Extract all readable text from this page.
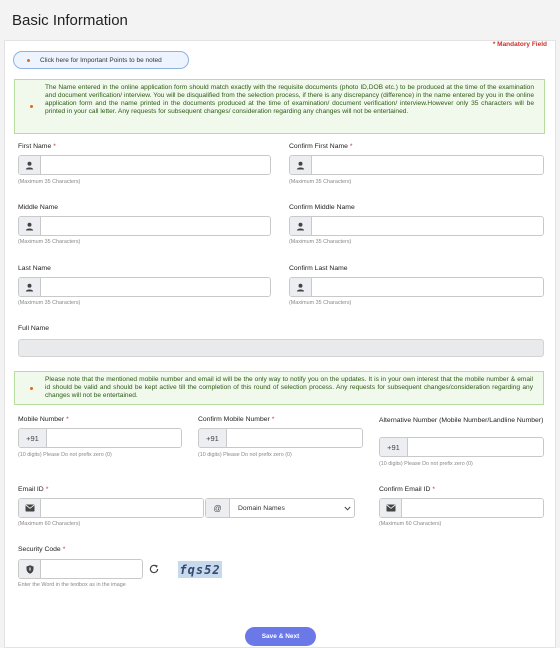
Basic Information
* Mandatory Field
Click here for Important Points to be noted
The Name entered in the online application form should match exactly with the requisite documents (photo ID,DOB etc.) to be produced at the time of the examination and document verification/ interview. You will be disqualified from the selection process, if there is any discrepancy (difference) in the name entered by you in the online application form and the name printed in the documents produced at the time of examination/ document verification/ interview.However only 35 characters will be printed in your call letter. Any requests for subsequent changes/ consideration regarding any changes will not be entertained.
First Name *
(Maximum 35 Characters)
Confirm First Name *
(Maximum 35 Characters)
Middle Name
(Maximum 35 Characters)
Confirm Middle Name
(Maximum 35 Characters)
Last Name
(Maximum 35 Characters)
Confirm Last Name
(Maximum 35 Characters)
Full Name
Please note that the mentioned mobile number and email id will be the only way to notify you on the updates. It is in your own interest that the mobile number & email id should be valid and should be kept active till the completion of this round of selection process. Any requests for subsequent changes/consideration regarding any changes will not be entertained.
Mobile Number *
+91
(10 digits) Please Do not prefix zero (0)
Confirm Mobile Number *
+91
(10 digits) Please Do not prefix zero (0)
Alternative Number (Mobile Number/Landline Number)
+91
(10 digits) Please Do not prefix zero (0)
Email ID *
@	Domain Names
(Maximum 60 Characters)
Confirm Email ID *
(Maximum 60 Characters)
Security Code *
fqs52
Enter the Word in the textbox as in the image
Save & Next
